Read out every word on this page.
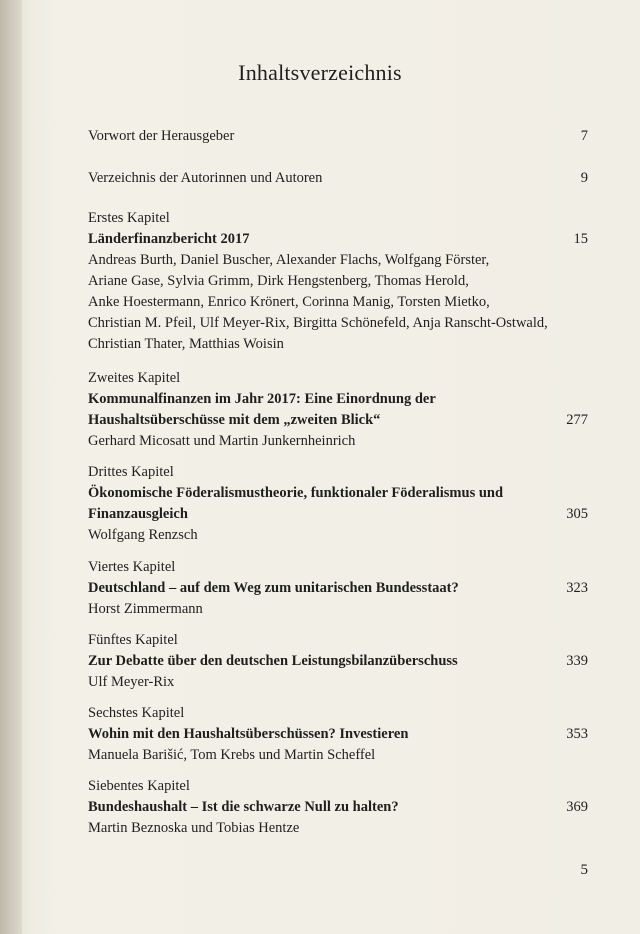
Inhaltsverzeichnis
Vorwort der Herausgeber	7
Verzeichnis der Autorinnen und Autoren	9
Erstes Kapitel
Länderfinanzbericht 2017	15
Andreas Burth, Daniel Buscher, Alexander Flachs, Wolfgang Förster,
Ariane Gase, Sylvia Grimm, Dirk Hengstenberg, Thomas Herold,
Anke Hoestermann, Enrico Krönert, Corinna Manig, Torsten Mietko,
Christian M. Pfeil, Ulf Meyer-Rix, Birgitta Schönefeld, Anja Ranscht-Ostwald,
Christian Thater, Matthias Woisin
Zweites Kapitel
Kommunalfinanzen im Jahr 2017: Eine Einordnung der
Haushaltsüberschüsse mit dem „zweiten Blick“	277
Gerhard Micosatt und Martin Junkernheinrich
Drittes Kapitel
Ökonomische Föderalismustheorie, funktionaler Föderalismus und
Finanzausgleich	305
Wolfgang Renzsch
Viertes Kapitel
Deutschland – auf dem Weg zum unitarischen Bundesstaat?	323
Horst Zimmermann
Fünftes Kapitel
Zur Debatte über den deutschen Leistungsbilanzüberschuss	339
Ulf Meyer-Rix
Sechstes Kapitel
Wohin mit den Haushaltsüberschüssen? Investieren	353
Manuela Barišić, Tom Krebs und Martin Scheffel
Siebentes Kapitel
Bundeshaushalt – Ist die schwarze Null zu halten?	369
Martin Beznoska und Tobias Hentze
5
